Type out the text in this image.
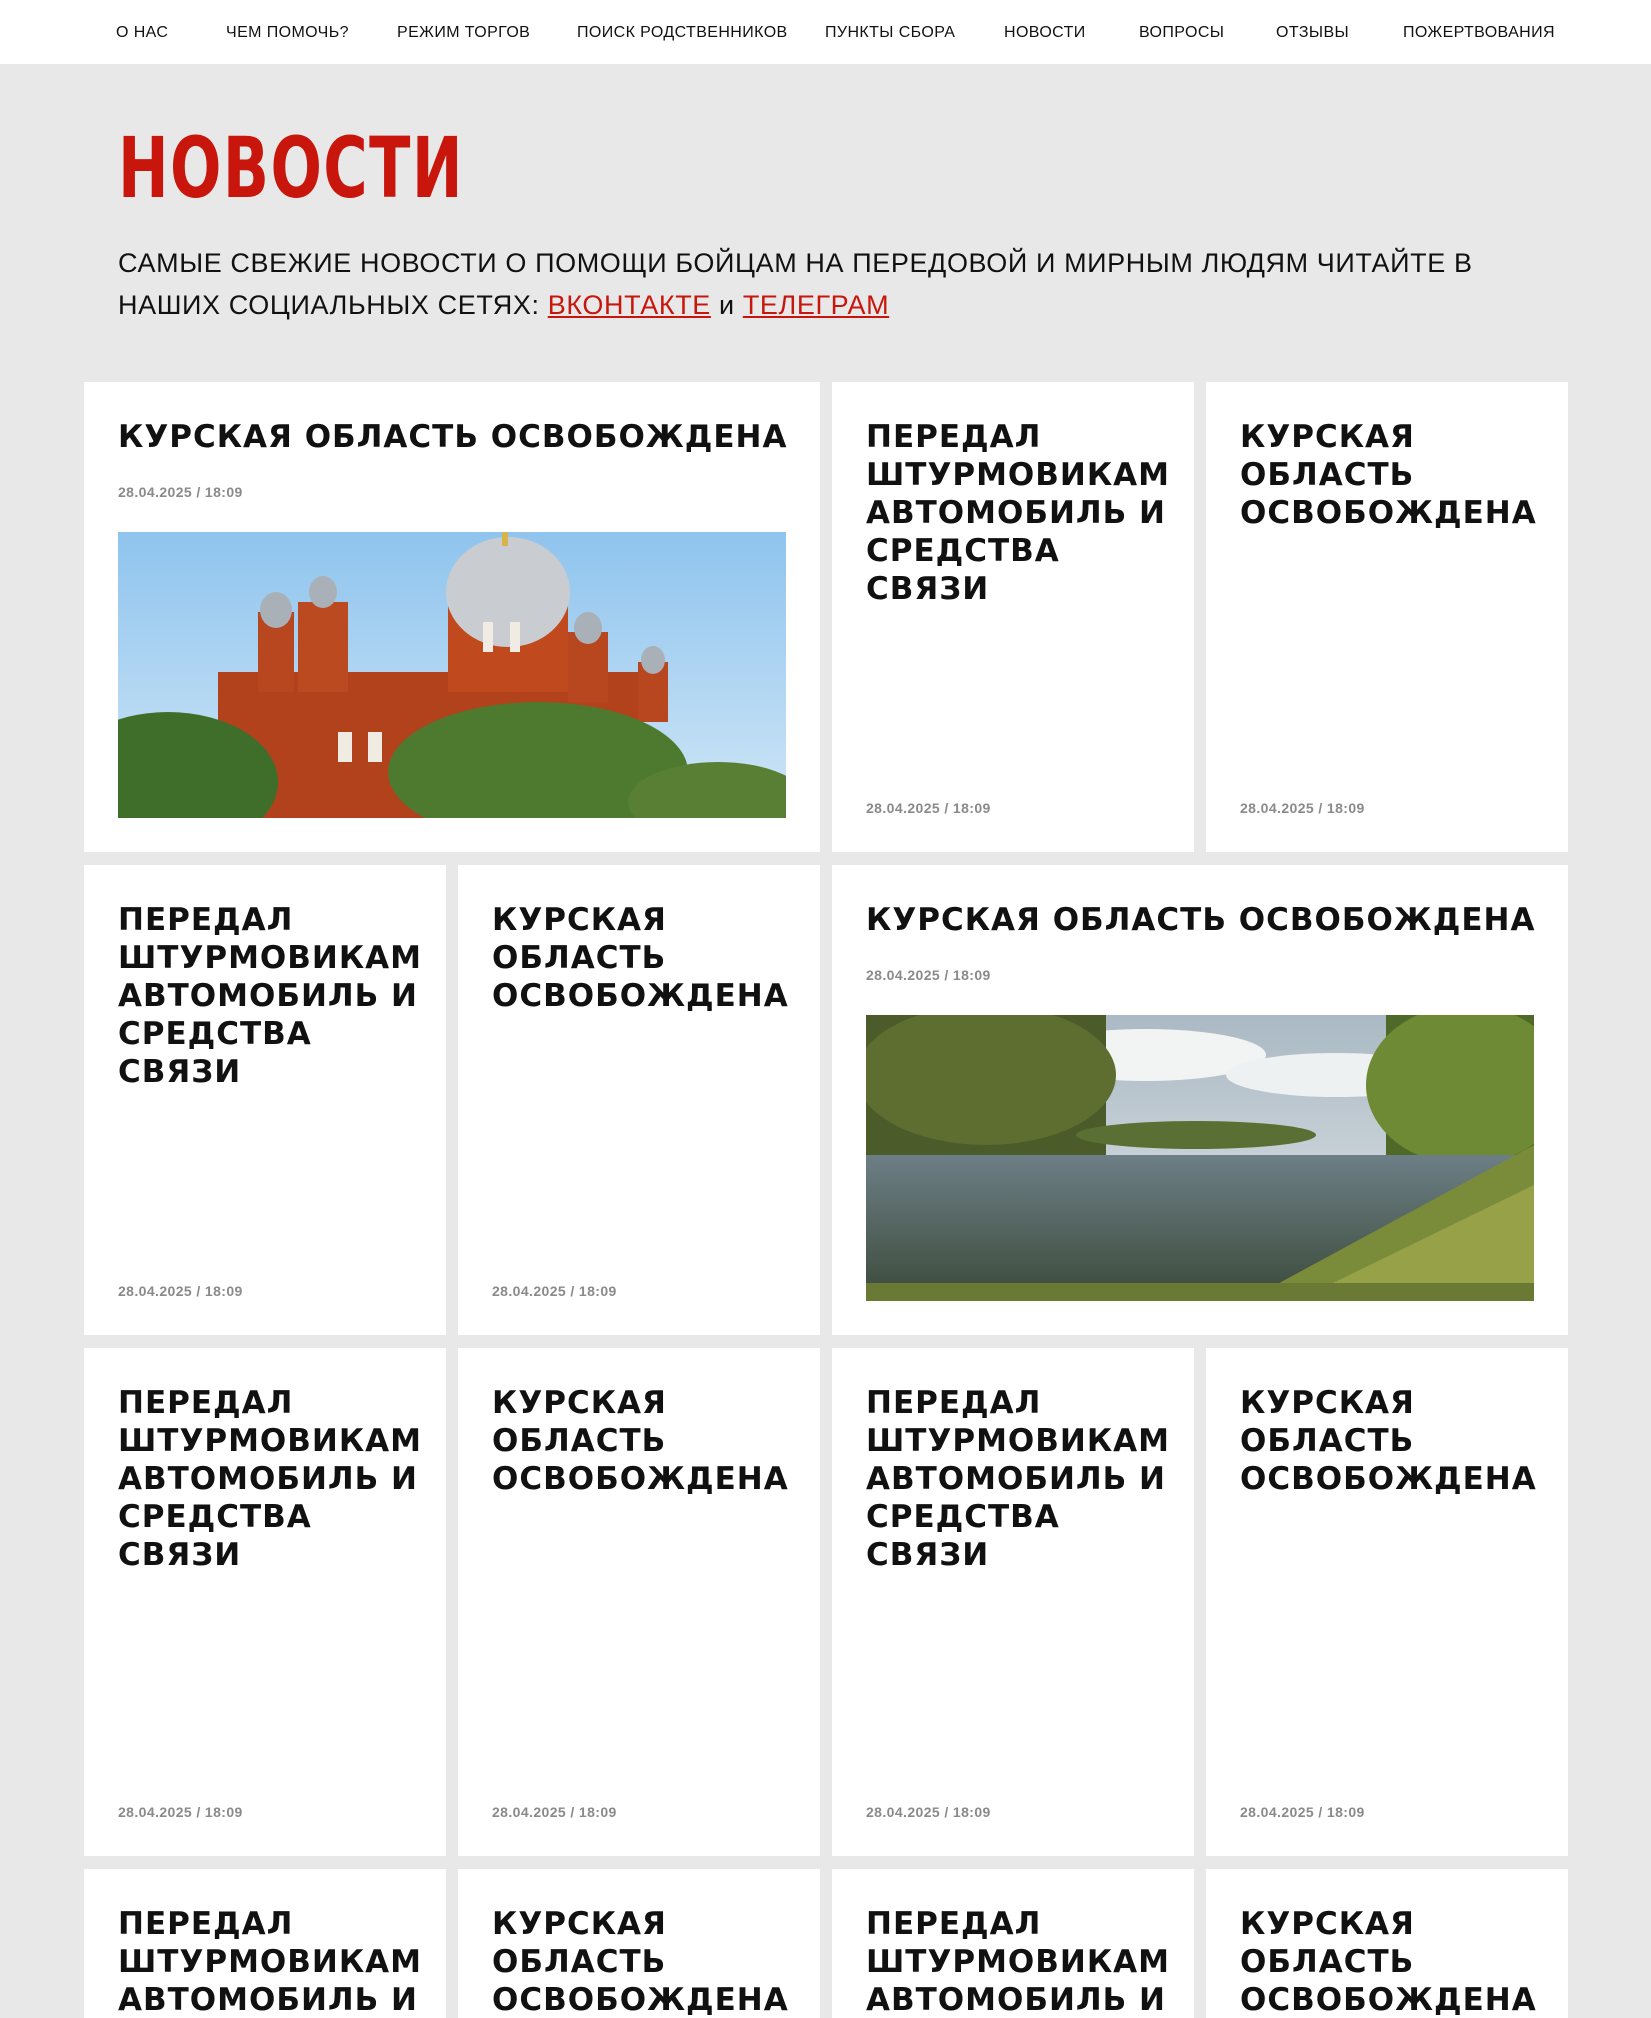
О НАС	ЧЕМ ПОМОЧЬ?	РЕЖИМ ТОРГОВ	ПОИСК РОДСТВЕННИКОВ ПУНКТЫ СБОРА	НОВОСТИ	ВОПРОСЫ	ОТЗЫВЫ	ПОЖЕРТВОВАНИЯ
НОВОСТИ

САМЫЕ СВЕЖИЕ НОВОСТИ О ПОМОЩИ БОЙЦАМ НА ПЕРЕДОВОЙ И МИРНЫМ ЛЮДЯМ ЧИТАЙТЕ В НАШИХ СОЦИАЛЬНЫХ СЕТЯХ: ВКОНТАКТЕ и ТЕЛЕГРАМ

КУРСКАЯ ОБЛАСТЬ ОСВОБОЖДЕНА
28.04.2025 / 18:09
ПЕРЕДАЛ ШТУРМОВИКАМ АВТОМОБИЛЬ И СРЕДСТВА СВЯЗИ
28.04.2025 / 18:09
КУРСКАЯ ОБЛАСТЬ ОСВОБОЖДЕНА
28.04.2025 / 18:09
ПЕРЕДАЛ ШТУРМОВИКАМ АВТОМОБИЛЬ И СРЕДСТВА СВЯЗИ
28.04.2025 / 18:09
КУРСКАЯ ОБЛАСТЬ ОСВОБОЖДЕНА
28.04.2025 / 18:09
КУРСКАЯ ОБЛАСТЬ ОСВОБОЖДЕНА
28.04.2025 / 18:09
ПЕРЕДАЛ ШТУРМОВИКАМ АВТОМОБИЛЬ И СРЕДСТВА СВЯЗИ
28.04.2025 / 18:09
КУРСКАЯ ОБЛАСТЬ ОСВОБОЖДЕНА
28.04.2025 / 18:09
ПЕРЕДАЛ ШТУРМОВИКАМ АВТОМОБИЛЬ И СРЕДСТВА СВЯЗИ
28.04.2025 / 18:09
КУРСКАЯ ОБЛАСТЬ ОСВОБОЖДЕНА
28.04.2025 / 18:09
ПЕРЕДАЛ ШТУРМОВИКАМ АВТОМОБИЛЬ И
КУРСКАЯ ОБЛАСТЬ ОСВОБОЖДЕНА
ПЕРЕДАЛ ШТУРМОВИКАМ АВТОМОБИЛЬ И
КУРСКАЯ ОБЛАСТЬ ОСВОБОЖДЕНА
